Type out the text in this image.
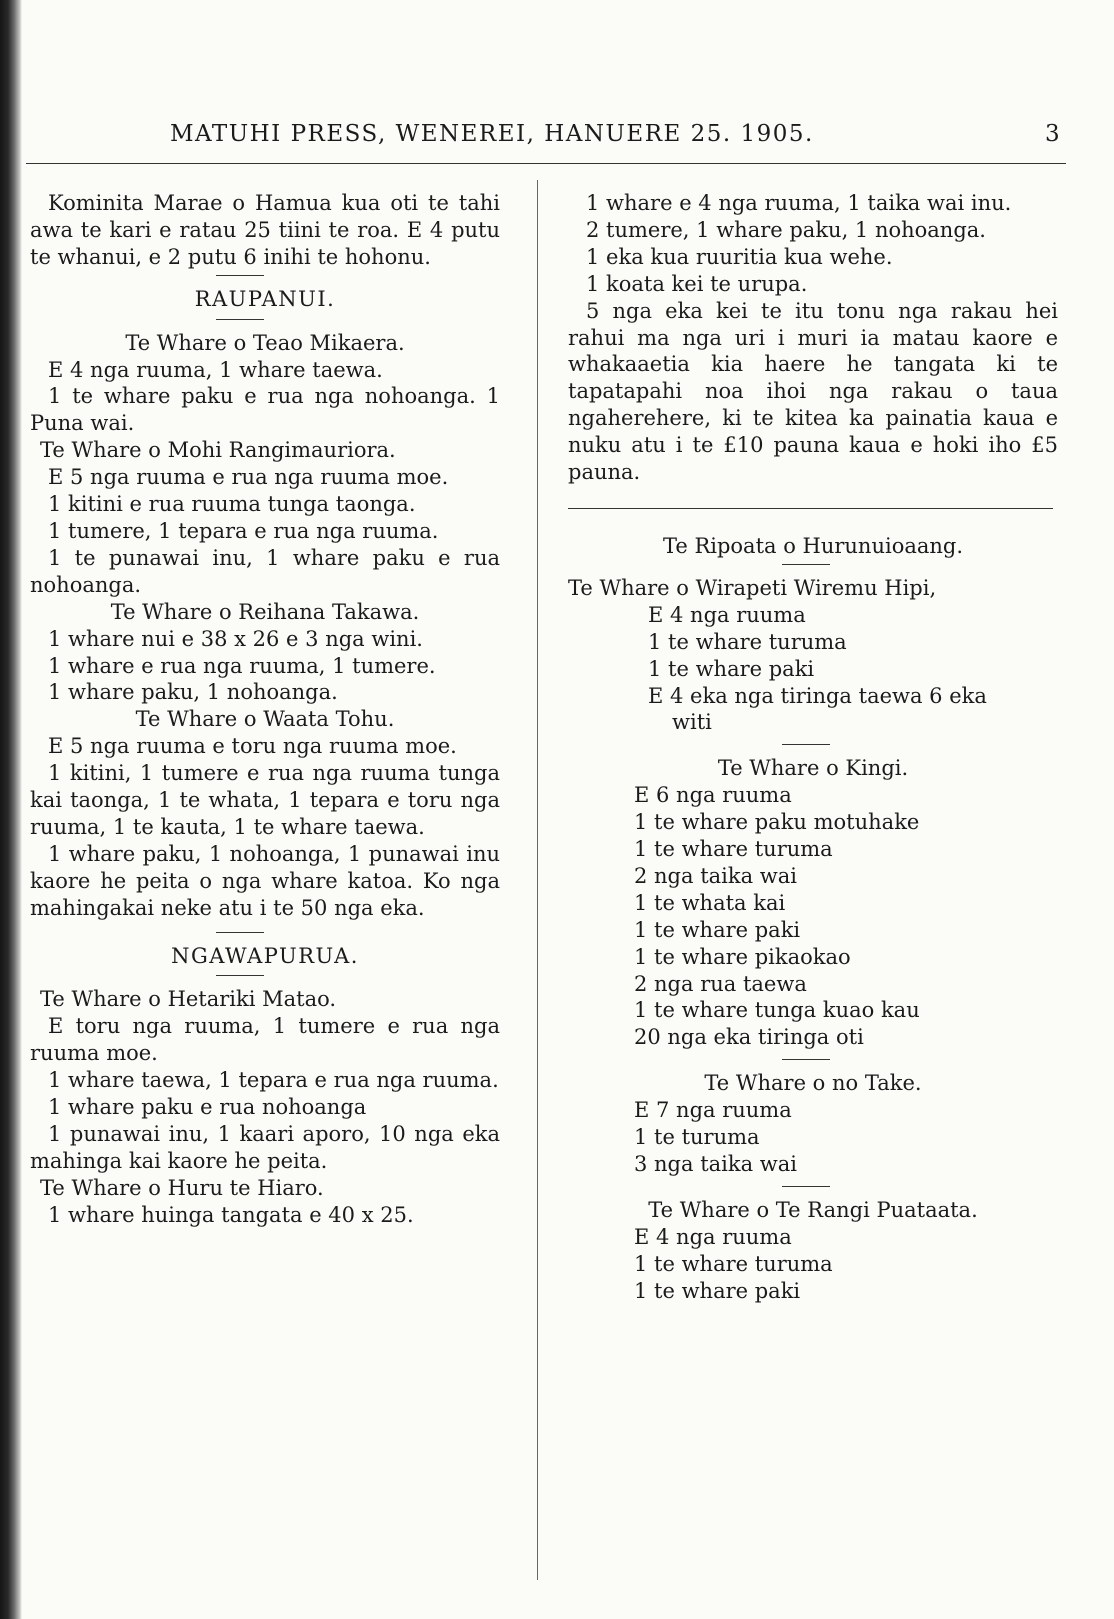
MATUHI PRESS, WENEREI, HANUERE 25. 1905.	3
Kominita Marae o Hamua kua oti te tahi awa te kari e ratau 25 tiini te roa. E 4 putu te whanui, e 2 putu 6 inihi te hohonu.
RAUPANUI.
Te Whare o Teao Mikaera.
E 4 nga ruuma, 1 whare taewa.
1 te whare paku e rua nga nohoanga. 1 Puna wai.
Te Whare o Mohi Rangimauriora.
E 5 nga ruuma e rua nga ruuma moe.
1 kitini e rua ruuma tunga taonga.
1 tumere, 1 tepara e rua nga ruuma.
1 te punawai inu, 1 whare paku e rua nohoanga.
Te Whare o Reihana Takawa.
1 whare nui e 38 x 26 e 3 nga wini.
1 whare e rua nga ruuma, 1 tumere.
1 whare paku, 1 nohoanga.
Te Whare o Waata Tohu.
E 5 nga ruuma e toru nga ruuma moe.
1 kitini, 1 tumere e rua nga ruuma tunga kai taonga, 1 te whata, 1 tepara e toru nga ruuma, 1 te kauta, 1 te whare taewa.
1 whare paku, 1 nohoanga, 1 punawai inu kaore he peita o nga whare katoa. Ko nga mahingakai neke atu i te 50 nga eka.
NGAWAPURUA.
Te Whare o Hetariki Matao.
E toru nga ruuma, 1 tumere e rua nga ruuma moe.
1 whare taewa, 1 tepara e rua nga ruuma.
1 whare paku e rua nohoanga
1 punawai inu, 1 kaari aporo, 10 nga eka mahinga kai kaore he peita.
Te Whare o Huru te Hiaro.
1 whare huinga tangata e 40 x 25.
1 whare e 4 nga ruuma, 1 taika wai inu.
2 tumere, 1 whare paku, 1 nohoanga.
1 eka kua ruuritia kua wehe.
1 koata kei te urupa.
5 nga eka kei te itu tonu nga rakau hei rahui ma nga uri i muri ia matau kaore e whakaaetia kia haere he tangata ki te tapatapahi noa ihoi nga rakau o taua ngaherehere, ki te kitea ka painatia kaua e nuku atu i te £10 pauna kaua e hoki iho £5 pauna.
Te Ripoata o Hurunuioaang.
Te Whare o Wirapeti Wiremu Hipi,
E 4 nga ruuma
1 te whare turuma
1 te whare paki
E 4 eka nga tiringa taewa 6 eka
witi
Te Whare o Kingi.
E 6 nga ruuma
1 te whare paku motuhake
1 te whare turuma
2 nga taika wai
1 te whata kai
1 te whare paki
1 te whare pikaokao
2 nga rua taewa
1 te whare tunga kuao kau
20 nga eka tiringa oti
Te Whare o no Take.
E 7 nga ruuma
1 te turuma
3 nga taika wai
Te Whare o Te Rangi Puataata.
E 4 nga ruuma
1 te whare turuma
1 te whare paki
